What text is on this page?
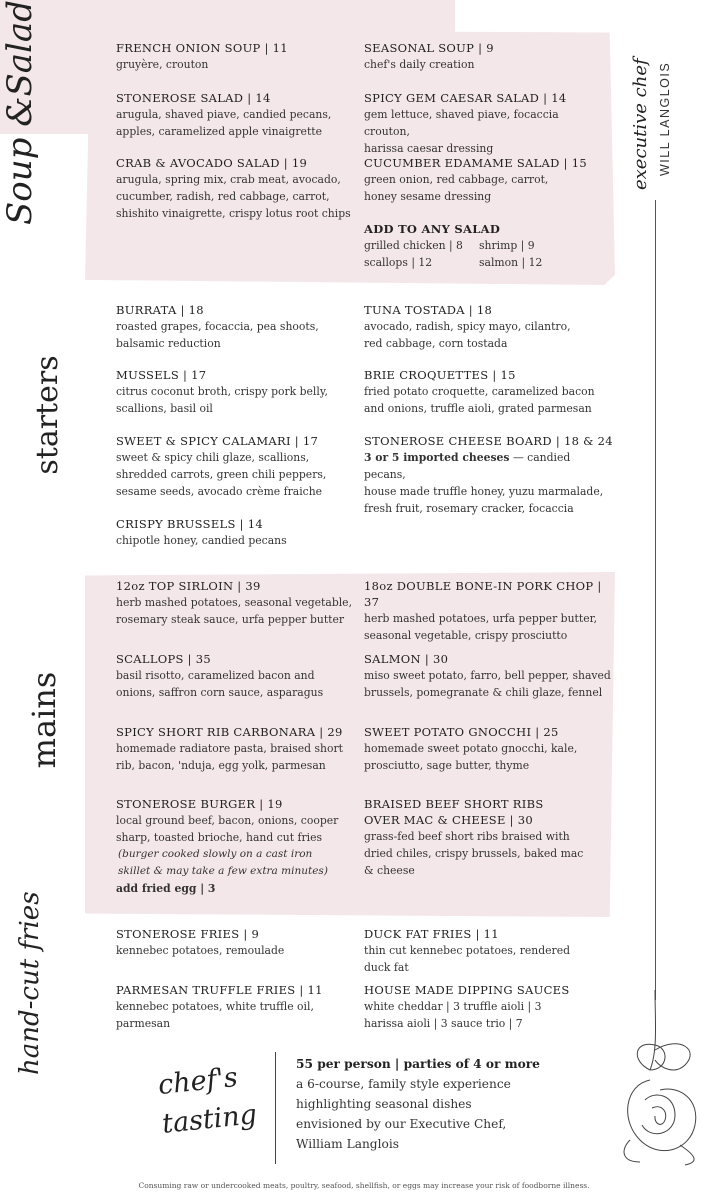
Soup &Salad
starters
mains
hand-cut fries
executive chef WILL LANGLOIS
FRENCH ONION SOUP | 11
gruyère, crouton
STONEROSE SALAD | 14
arugula, shaved piave, candied pecans,
apples, caramelized apple vinaigrette
CRAB & AVOCADO SALAD | 19
arugula, spring mix, crab meat, avocado,
cucumber, radish, red cabbage, carrot,
shishito vinaigrette, crispy lotus root chips
SEASONAL SOUP | 9
chef's daily creation
SPICY GEM CAESAR SALAD | 14
gem lettuce, shaved piave, focaccia crouton,
harissa caesar dressing
CUCUMBER EDAMAME SALAD | 15
green onion, red cabbage, carrot,
honey sesame dressing
ADD TO ANY SALAD
grilled chicken | 8	shrimp | 9
scallops | 12	salmon | 12
BURRATA | 18
roasted grapes, focaccia, pea shoots,
balsamic reduction
MUSSELS | 17
citrus coconut broth, crispy pork belly,
scallions, basil oil
SWEET & SPICY CALAMARI | 17
sweet & spicy chili glaze, scallions,
shredded carrots, green chili peppers,
sesame seeds, avocado crème fraiche
CRISPY BRUSSELS | 14
chipotle honey, candied pecans
TUNA TOSTADA | 18
avocado, radish, spicy mayo, cilantro,
red cabbage, corn tostada
BRIE CROQUETTES | 15
fried potato croquette, caramelized bacon
and onions, truffle aioli, grated parmesan
STONEROSE CHEESE BOARD | 18 & 24
3 or 5 imported cheeses — candied pecans,
house made truffle honey, yuzu marmalade,
fresh fruit, rosemary cracker, focaccia
12oz TOP SIRLOIN | 39
herb mashed potatoes, seasonal vegetable,
rosemary steak sauce, urfa pepper butter
SCALLOPS | 35
basil risotto, caramelized bacon and
onions, saffron corn sauce, asparagus
SPICY SHORT RIB CARBONARA | 29
homemade radiatore pasta, braised short
rib, bacon, 'nduja, egg yolk, parmesan
STONEROSE BURGER | 19
local ground beef, bacon, onions, cooper
sharp, toasted brioche, hand cut fries
(burger cooked slowly on a cast iron
skillet & may take a few extra minutes)
add fried egg | 3
18oz DOUBLE BONE-IN PORK CHOP | 37
herb mashed potatoes, urfa pepper butter,
seasonal vegetable, crispy prosciutto
SALMON | 30
miso sweet potato, farro, bell pepper, shaved
brussels, pomegranate & chili glaze, fennel
SWEET POTATO GNOCCHI | 25
homemade sweet potato gnocchi, kale,
prosciutto, sage butter, thyme
BRAISED BEEF SHORT RIBS
OVER MAC & CHEESE | 30
grass-fed beef short ribs braised with
dried chiles, crispy brussels, baked mac
& cheese
STONEROSE FRIES | 9
kennebec potatoes, remoulade
PARMESAN TRUFFLE FRIES | 11
kennebec potatoes, white truffle oil,
parmesan
DUCK FAT FRIES | 11
thin cut kennebec potatoes, rendered
duck fat
HOUSE MADE DIPPING SAUCES
white cheddar | 3 truffle aioli | 3
harissa aioli | 3 sauce trio | 7
chef's
tasting
55 per person | parties of 4 or more
a 6-course, family style experience
highlighting seasonal dishes
envisioned by our Executive Chef,
William Langlois
Consuming raw or undercooked meats, poultry, seafood, shellfish, or eggs may increase your risk of foodborne illness.
